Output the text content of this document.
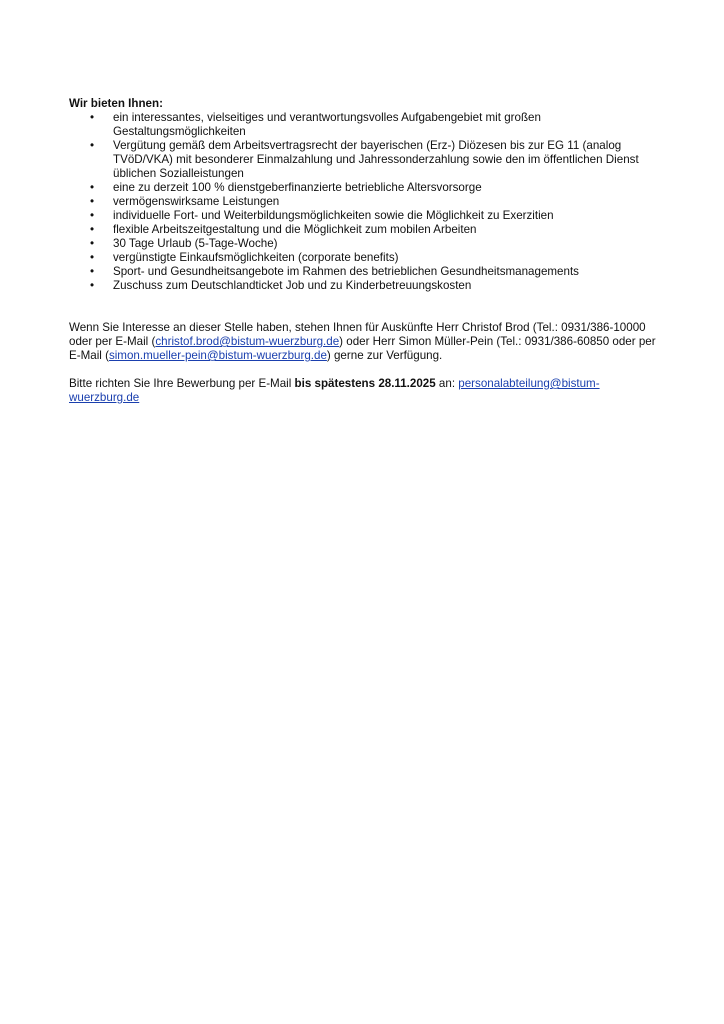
Wir bieten Ihnen:

• ein interessantes, vielseitiges und verantwortungsvolles Aufgabengebiet mit großen Gestaltungsmöglichkeiten
• Vergütung gemäß dem Arbeitsvertragsrecht der bayerischen (Erz-) Diözesen bis zur EG 11 (analog TVöD/VKA) mit besonderer Einmalzahlung und Jahressonderzahlung sowie den im öffentlichen Dienst üblichen Sozialleistungen
• eine zu derzeit 100 % dienstgeberfinanzierte betriebliche Altersvorsorge
• vermögenswirksame Leistungen
• individuelle Fort- und Weiterbildungsmöglichkeiten sowie die Möglichkeit zu Exerzitien
• flexible Arbeitszeitgestaltung und die Möglichkeit zum mobilen Arbeiten
• 30 Tage Urlaub (5-Tage-Woche)
• vergünstigte Einkaufsmöglichkeiten (corporate benefits)
• Sport- und Gesundheitsangebote im Rahmen des betrieblichen Gesundheitsmanagements
• Zuschuss zum Deutschlandticket Job und zu Kinderbetreuungskosten

Wenn Sie Interesse an dieser Stelle haben, stehen Ihnen für Auskünfte Herr Christof Brod (Tel.: 0931/386-10000 oder per E-Mail (christof.brod@bistum-wuerzburg.de) oder Herr Simon Müller-Pein (Tel.: 0931/386-60850 oder per E-Mail (simon.mueller-pein@bistum-wuerzburg.de) gerne zur Verfügung.

Bitte richten Sie Ihre Bewerbung per E-Mail bis spätestens 28.11.2025 an: personalabteilung@bistum-wuerzburg.de
